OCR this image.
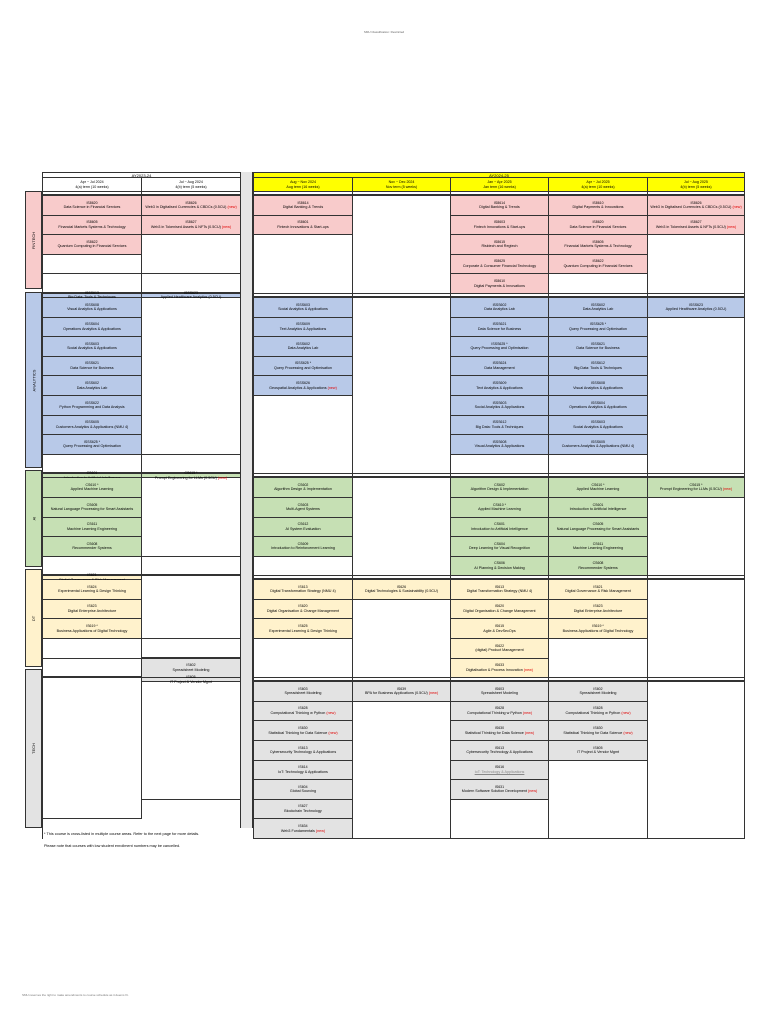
SMU Classification: Restricted
FINTECH
ANALYTICS
AI
DT
TECH
AY2023-24
Apr ~ Jul 2024
4(a) term (10 weeks)
Jul ~ Aug 2024
4(b) term (5 weeks)
IS8620
Data Science in Financial Services
IS8626
Web3 in Digitalised Currencies & CBDCs (0.5CU) (new)
IS8605
Financial Markets Systems & Technology
IS8627
Web3 in Tokenised Assets & NFTs (0.5CU) (new)
IS8622
Quantum Computing in Financial Services
ISSS613	ISSS623
Applied Healthcare Analytics (0.5CU)
ISSS608
Visual Analytics & Applications
ISSS604
Operations Analytics & Applications
ISSS603
Social Analytics & Applications
ISSS621
Data Science for Business
ISSS602
Data Analytics Lab
ISSS622
Python Programming and Data Analysis
ISSS605
Customers Analytics & Applications (NMU 4)
ISSS625 *
Query Processing and Optimisation
CS601	CS615 *
Prompt Engineering for LLMs (0.5CU) (new)
CS610 *
Applied Machine Learning
CS605
Natural Language Processing for Smart Assistants
CS611
Machine Learning Engineering
CS608
Recommender Systems
IS621
IS624
Experimental Learning & Design Thinking
IS623
Digital Enterprise Architecture
IS619 *
Business Applications of Digital Technology
IS602
Spreadsheet Modeling
IS605
IT Project & Vendor Mgmt
AY2024-25
Aug ~ Nov 2024
Aug term (16 weeks)
Nov ~ Dec 2024
Nov term (5 weeks)
Jan ~ Apr 2025
Jan term (16 weeks)
Apr ~ Jul 2025
4(a) term (10 weeks)
Jul ~ Aug 2025
4(b) term (5 weeks)
IS8614
Digital Banking & Trends
IS8614
Digital Banking & Trends
IS8610
Digital Payments & Innovations
IS8626
Web3 in Digitalised Currencies & CBDCs (0.5CU) (new)
IS8601
Fintech Innovations & Start-ups
IS8603
Fintech Innovations & Start-ups
IS8620
Data Science in Financial Services
IS8627
Web3 in Tokenised Assets & NFTs (0.5CU) (new)
IS8615
Risktech and Regtech
IS8605
Financial Markets Systems & Technology
IS8625
Corporate & Consumer Financial Technology
IS8622
Quantum Computing in Financial Services
IS8610
Digital Payments & Innovations
ISSS603
Social Analytics & Applications
ISSS602
Data Analytics Lab
ISSS602
Data Analytics Lab
ISSS623
Applied Healthcare Analytics (0.5CU)
ISSS609
Text Analytics & Applications
ISSS621
Data Science for Business
ISSS625 *
Query Processing and Optimisation
ISSS602
Data Analytics Lab
ISSS625 *
Query Processing and Optimisation
ISSS621
Data Science for Business
ISSS625 *
Query Processing and Optimisation
ISSS624
Data Management
ISSS612
Big Data: Tools & Techniques
ISSS626
Geospatial Analytics & Applications (new)
ISSS609
Text Analytics & Applications
ISSS608
Visual Analytics & Applications
ISSS603
Social Analytics & Applications
ISSS604
Operations Analytics & Applications
ISSS612
Big Data: Tools & Techniques
ISSS603
Social Analytics & Applications
ISSS608
Visual Analytics & Applications
ISSS605
Customers Analytics & Applications (NMU 4)
CS602
Algorithm Design & Implementation
CS602
Algorithm Design & Implementation
CS610 *
Applied Machine Learning
CS615 *
Prompt Engineering for LLMs (0.5CU) (new)
CS603
Multi-Agent Systems
CS610 *
Applied Machine Learning
CS601
Introduction to Artificial Intelligence
CS612
AI System Evaluation
CS601
Introduction to Artificial Intelligence
CS605
Natural Language Processing for Smart Assistants
CS609
Introduction to Reinforcement Learning
CS604
Deep Learning for Visual Recognition
CS611
Machine Learning Engineering
CS606
AI Planning & Decision Making
CS608
Recommender Systems
IS613
Digital Transformation Strategy (NMU 4)
IS626
Digital Technologies & Sustainability (0.5CU)
IS613
Digital Transformation Strategy (NMU 4)
IS621
Digital Governance & Risk Management
IS620
Digital Organisation & Change Management
IS620
Digital Organisation & Change Management
IS623
Digital Enterprise Architecture
IS625
Experimental Learning & Design Thinking
IS615
Agile & DevSecOps
IS619 *
Business Applications of Digital Technology
IS622
(digital) Product Management
IS633
Digitalisation & Process Innovation (new)
IS603
Spreadsheet Modeling
IS639
BPA for Business Applications (0.5CU) (new)
IS603
Spreadsheet Modeling
IS602
Spreadsheet Modeling
IS628
Computational Thinking w Python (new)
IS628
Computational Thinking w Python (new)
IS628
Computational Thinking w Python (new)
IS630
Statistical Thinking for Data Science (new)
IS630
Statistical Thinking for Data Science (new)
IS630
Statistical Thinking for Data Science (new)
IS613
Cybersecurity Technology & Applications
IS613
Cybersecurity Technology & Applications
IS605
IT Project & Vendor Mgmt
IS614
IoT: Technology & Applications
IS616
IoT: Technology & Applications
IS604
Global Sourcing
IS631
Modern Software Solution Development (new)
IS627
Blockchain Technology
IS634
Web3 Fundamentals (new)
* This course is cross-listed in multiple course areas. Refer to the next page for more details.
Please note that courses with low student enrollment numbers may be cancelled.
SMU reserves the right to make amendments to course schedule as it deems fit.
